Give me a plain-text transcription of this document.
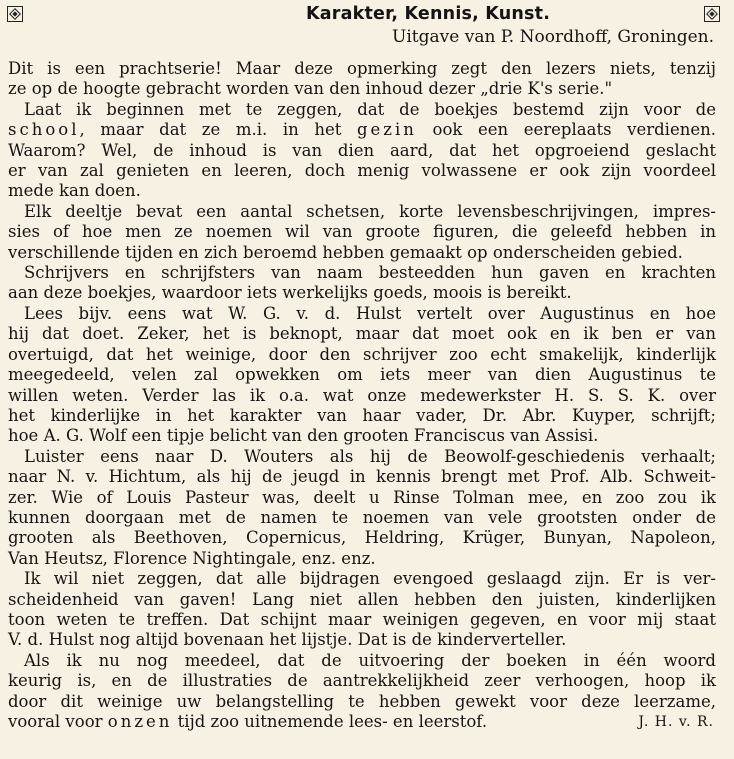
Karakter, Kennis, Kunst.
Uitgave van P. Noordhoff, Groningen.

Dit is een prachtserie! Maar deze opmerking zegt den lezers niets, tenzij
ze op de hoogte gebracht worden van den inhoud dezer „drie K's serie."

Laat ik beginnen met te zeggen, dat de boekjes bestemd zijn voor de
school, maar dat ze m.i. in het gezin ook een eereplaats verdienen.
Waarom? Wel, de inhoud is van dien aard, dat het opgroeiend geslacht
er van zal genieten en leeren, doch menig volwassene er ook zijn voordeel
mede kan doen.

Elk deeltje bevat een aantal schetsen, korte levensbeschrijvingen, impres-
sies of hoe men ze noemen wil van groote figuren, die geleefd hebben in
verschillende tijden en zich beroemd hebben gemaakt op onderscheiden gebied.

Schrijvers en schrijfsters van naam besteedden hun gaven en krachten
aan deze boekjes, waardoor iets werkelijks goeds, moois is bereikt.

Lees bijv. eens wat W. G. v. d. Hulst vertelt over Augustinus en hoe
hij dat doet. Zeker, het is beknopt, maar dat moet ook en ik ben er van
overtuigd, dat het weinige, door den schrijver zoo echt smakelijk, kinderlijk
meegedeeld, velen zal opwekken om iets meer van dien Augustinus te
willen weten. Verder las ik o.a. wat onze medewerkster H. S. S. K. over
het kinderlijke in het karakter van haar vader, Dr. Abr. Kuyper, schrijft;
hoe A. G. Wolf een tipje belicht van den grooten Franciscus van Assisi.

Luister eens naar D. Wouters als hij de Beowolf-geschiedenis verhaalt;
naar N. v. Hichtum, als hij de jeugd in kennis brengt met Prof. Alb. Schweit-
zer. Wie of Louis Pasteur was, deelt u Rinse Tolman mee, en zoo zou ik
kunnen doorgaan met de namen te noemen van vele grootsten onder de
grooten als Beethoven, Copernicus, Heldring, Krüger, Bunyan, Napoleon,
Van Heutsz, Florence Nightingale, enz. enz.

Ik wil niet zeggen, dat alle bijdragen evengoed geslaagd zijn. Er is ver-
scheidenheid van gaven! Lang niet allen hebben den juisten, kinderlijken
toon weten te treffen. Dat schijnt maar weinigen gegeven, en voor mij staat
V. d. Hulst nog altijd bovenaan het lijstje. Dat is de kinderverteller.

Als ik nu nog meedeel, dat de uitvoering der boeken in één woord
keurig is, en de illustraties de aantrekkelijkheid zeer verhoogen, hoop ik
door dit weinige uw belangstelling te hebben gewekt voor deze leerzame,
vooral voor onzen tijd zoo uitnemende lees- en leerstof.	J. H. v. R.
